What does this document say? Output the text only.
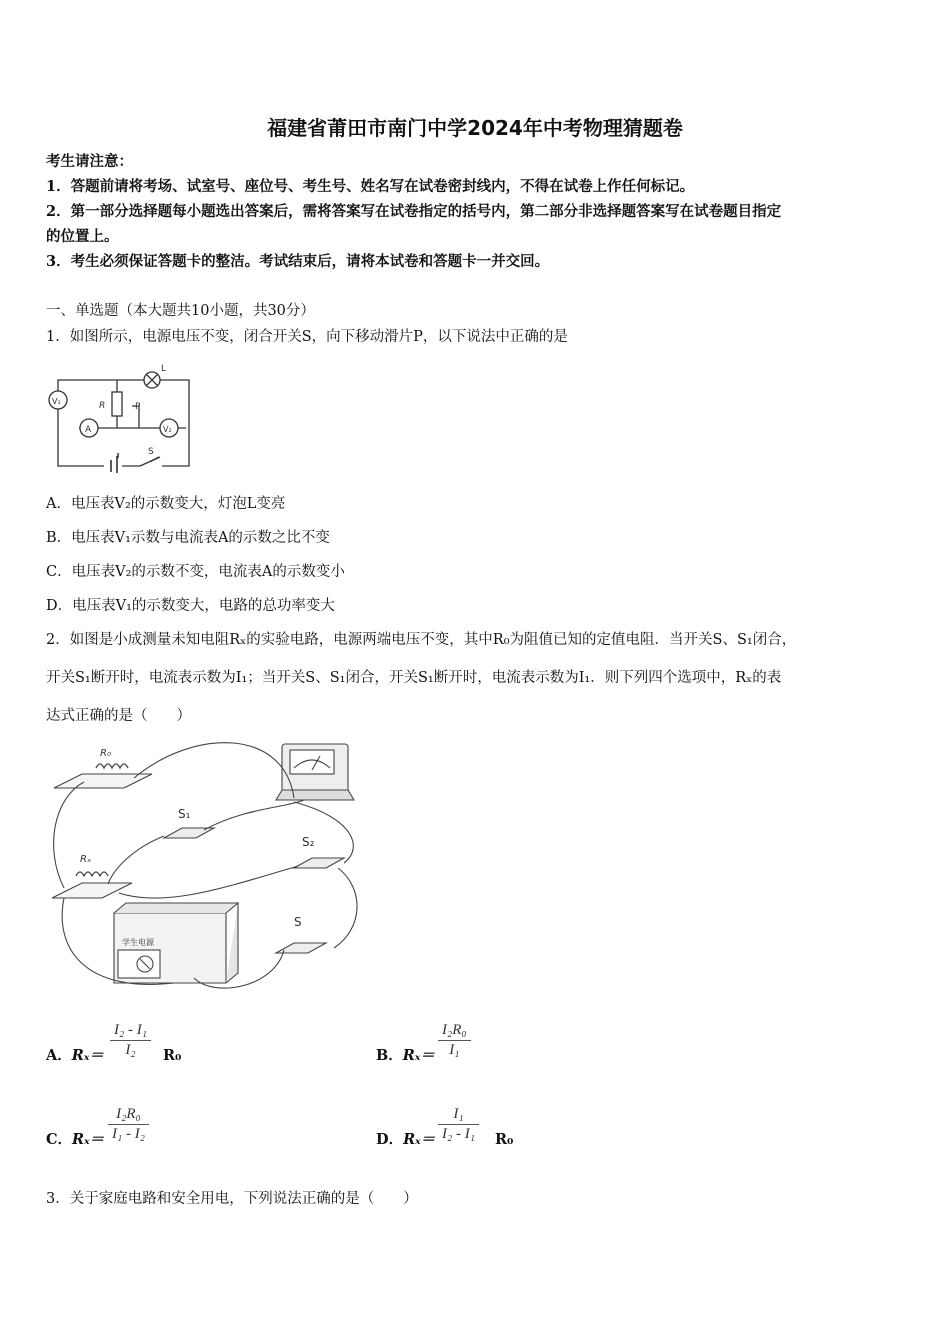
福建省莆田市南门中学2024年中考物理猜题卷
考生请注意：
1．答题前请将考场、试室号、座位号、考生号、姓名写在试卷密封线内，不得在试卷上作任何标记。
2．第一部分选择题每小题选出答案后，需将答案写在试卷指定的括号内，第二部分非选择题答案写在试卷题目指定
的位置上。
3．考生必须保证答题卡的整洁。考试结束后，请将本试卷和答题卡一并交回。
一、单选题（本大题共10小题，共30分）
1．如图所示，电源电压不变，闭合开关S，向下移动滑片P，以下说法中正确的是
L
R	P
V₁
A	V₂
S
A．电压表V₂的示数变大，灯泡L变亮
B．电压表V₁示数与电流表A的示数之比不变
C．电压表V₂的示数不变，电流表A的示数变小
D．电压表V₁的示数变大，电路的总功率变大
2．如图是小成测量未知电阻Rₓ的实验电路，电源两端电压不变，其中R₀为阻值已知的定值电阻．当开关S、S₁闭合，
开关S₁断开时，电流表示数为I₁；当开关S、S₁闭合，开关S₁断开时，电流表示数为I₁．则下列四个选项中，Rₓ的表
达式正确的是（　　）
R₀
Rₓ
S₁
S₂
S
学生电源
A．Rₓ＝
I₂ - I₁
I₂	R₀	B．Rₓ＝
I₂R₀
I₁
C．Rₓ＝
I₂R₀
I₁ - I₂	D．Rₓ＝
I₁
I₂ - I₁ R₀
3．关于家庭电路和安全用电，下列说法正确的是（　　）
